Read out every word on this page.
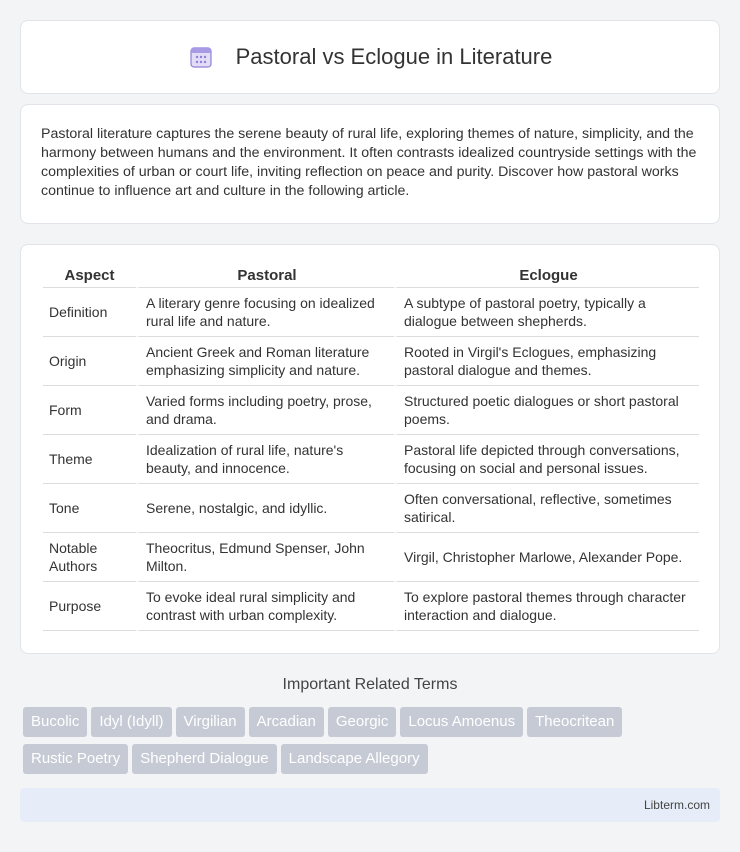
Pastoral vs Eclogue in Literature

Pastoral literature captures the serene beauty of rural life, exploring themes of nature, simplicity, and the harmony between humans and the environment. It often contrasts idealized countryside settings with the complexities of urban or court life, inviting reflection on peace and purity. Discover how pastoral works continue to influence art and culture in the following article.

Aspect	Pastoral	Eclogue
Definition	A literary genre focusing on idealized rural life and nature.	A subtype of pastoral poetry, typically a dialogue between shepherds.
Origin	Ancient Greek and Roman literature emphasizing simplicity and nature.	Rooted in Virgil's Eclogues, emphasizing pastoral dialogue and themes.
Form	Varied forms including poetry, prose, and drama.	Structured poetic dialogues or short pastoral poems.
Theme	Idealization of rural life, nature's beauty, and innocence.	Pastoral life depicted through conversations, focusing on social and personal issues.
Tone	Serene, nostalgic, and idyllic.	Often conversational, reflective, sometimes satirical.
Notable Authors	Theocritus, Edmund Spenser, John Milton.	Virgil, Christopher Marlowe, Alexander Pope.
Purpose	To evoke ideal rural simplicity and contrast with urban complexity.	To explore pastoral themes through character interaction and dialogue.
Important Related Terms
Bucolic Idyl (Idyll) Virgilian Arcadian Georgic Locus Amoenus TheocriteanRustic Poetry Shepherd Dialogue Landscape Allegory
Libterm.com
